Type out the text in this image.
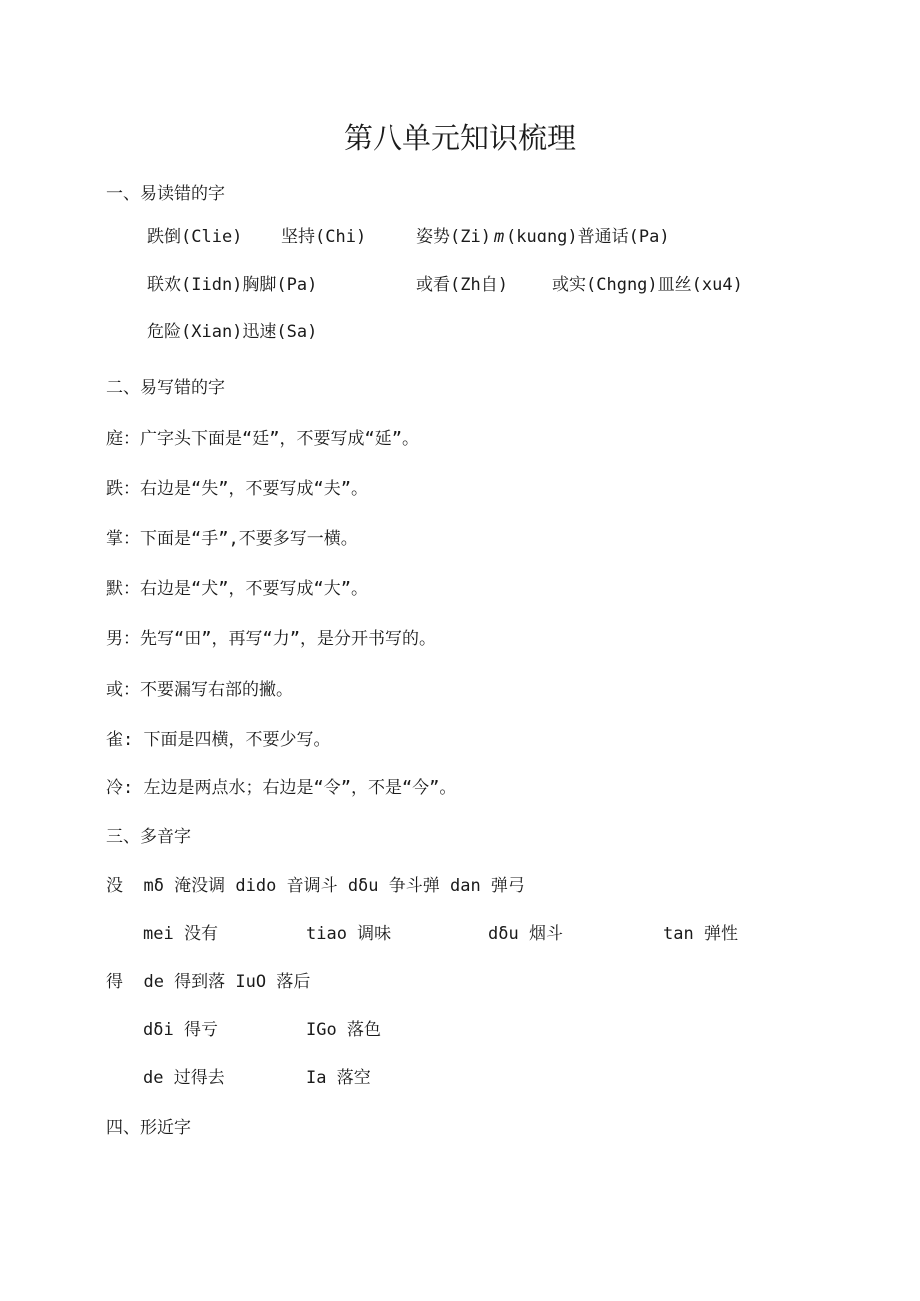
第八单元知识梳理
一、易读错的字
跌倒(Clie) 坚持(Chi)	姿势(Zi) m (kuɑng)普通话(Pa)
联欢(Iidn)胸脚(Pa)	或看(Zh自)	或实(Chgng)皿丝(xu4)
危险(Xian)迅速(Sa)
二、易写错的字
庭：广字头下面是“廷”，不要写成“延”。
跌：右边是“失”，不要写成“夫”。
掌：下面是“手”,不要多写一横。
默：右边是“犬”，不要写成“大”。
男：先写“田”，再写“力”，是分开书写的。
或：不要漏写右部的撇。
雀: 下面是四横，不要少写。
冷: 左边是两点水；右边是“令”，不是“今”。
三、多音字
没  mδ 淹没调 dido 音调斗 dδu 争斗弹 dan 弹弓
mei 没有	tiao 调味	dδu 烟斗	tan 弹性
得  de 得到落 IuO 落后
dδi 得亏	IGo 落色
de 过得去	Ia 落空
四、形近字
